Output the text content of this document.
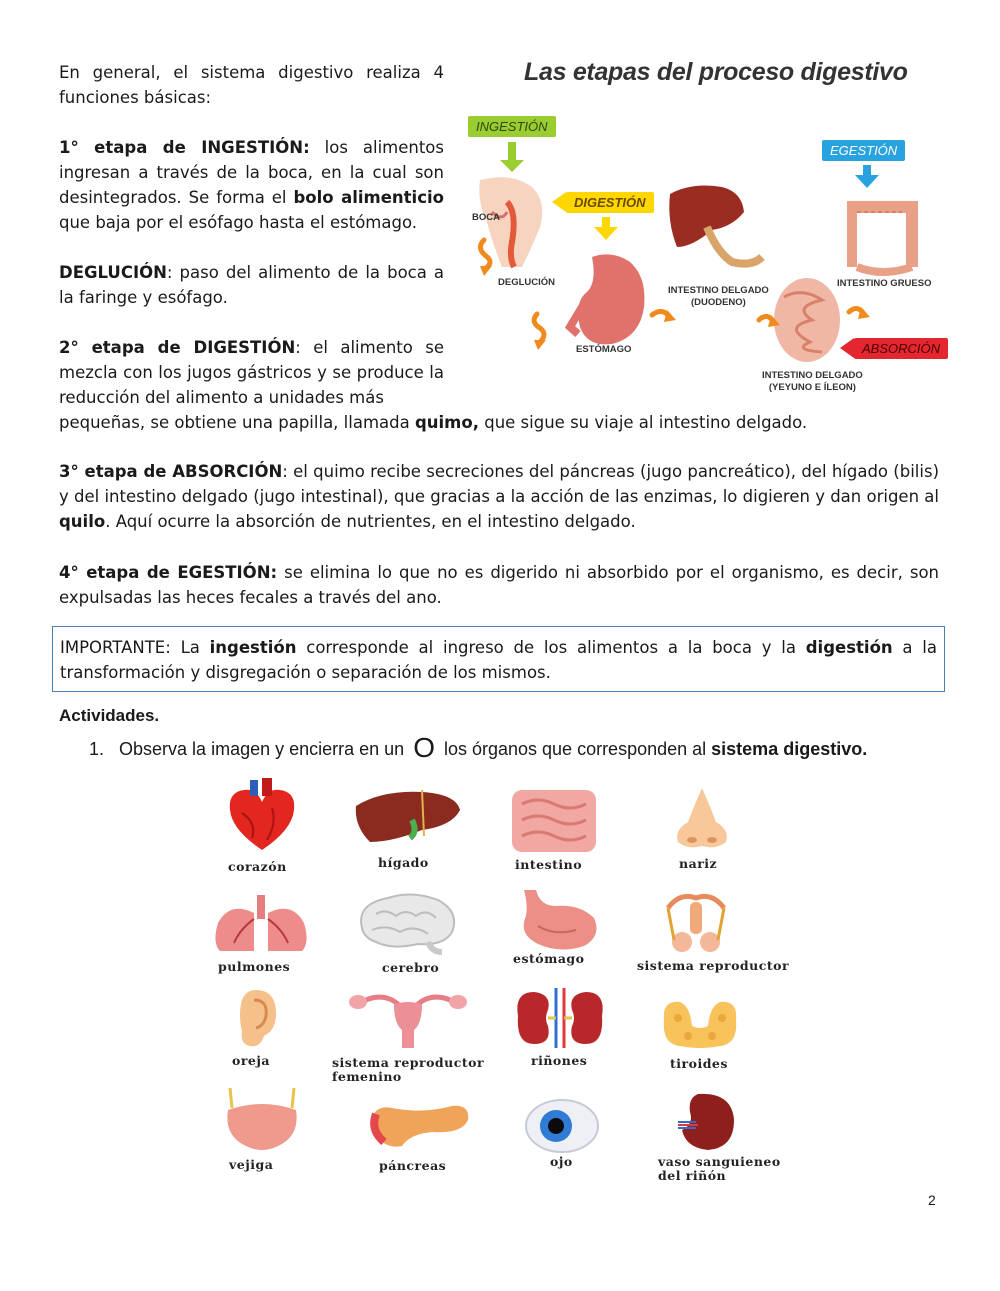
En general, el sistema digestivo realiza 4 funciones básicas:

1° etapa de INGESTIÓN: los alimentos ingresan a través de la boca, en la cual son desintegrados. Se forma el bolo alimenticio que baja por el esófago hasta el estómago.

DEGLUCIÓN: paso del alimento de la boca a la faringe y esófago.

2° etapa de DIGESTIÓN: el alimento se mezcla con los jugos gástricos y se produce la reducción del alimento a unidades más

pequeñas, se obtiene una papilla, llamada quimo, que sigue su viaje al intestino delgado.

3° etapa de ABSORCIÓN: el quimo recibe secreciones del páncreas (jugo pancreático), del hígado (bilis) y del intestino delgado (jugo intestinal), que gracias a la acción de las enzimas, lo digieren y dan origen al quilo. Aquí ocurre la absorción de nutrientes, en el intestino delgado.

4° etapa de EGESTIÓN: se elimina lo que no es digerido ni absorbido por el organismo, es decir, son expulsadas las heces fecales a través del ano.

IMPORTANTE: La ingestión corresponde al ingreso de los alimentos a la boca y la digestión a la transformación y disgregación o separación de los mismos.
Actividades.
1. Observa la imagen y encierra en un O los órganos que corresponden al sistema digestivo.
2
Las etapas del proceso digestivo
INGESTIÓN
DIGESTIÓN
EGESTIÓN
ABSORCIÓN
BOCA
DEGLUCIÓN
ESTÓMAGO
INTESTINO DELGADO
(DUODENO)
INTESTINO GRUESO
INTESTINO DELGADO
(YEYUNO E ÍLEON)
corazón	hígado	intestino	nariz
pulmones	cerebro
estómago	sistema reproductor
oreja	sistema reproductor
femenino
riñones	tiroides
vejiga	páncreas	ojo	vaso sanguieneo
del riñón
